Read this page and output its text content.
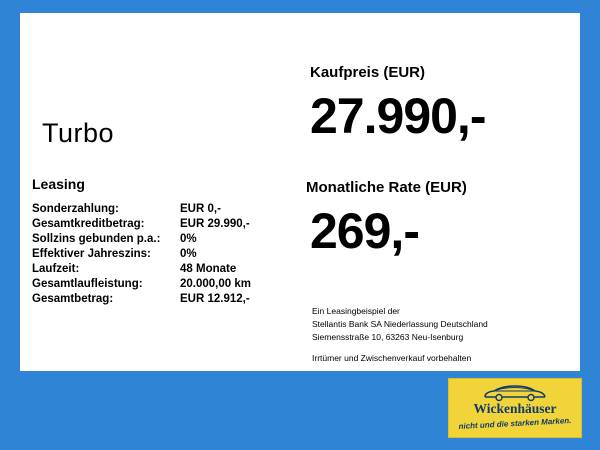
Turbo
Leasing
Sonderzahlung:	EUR 0,-
Gesamtkreditbetrag:	EUR 29.990,-
Sollzins gebunden p.a.:	0%
Effektiver Jahreszins:	0%
Laufzeit:	48 Monate
Gesamtlaufleistung:	20.000,00 km
Gesamtbetrag:	EUR 12.912,-
Kaufpreis (EUR)
27.990,-
Monatliche Rate (EUR)
269,-
Ein Leasingbeispiel der
Stellantis Bank SA Niederlassung Deutschland
Siemensstraße 10, 63263 Neu-Isenburg
Irrtümer und Zwischenverkauf vorbehalten
Wickenhäuser
nicht und die starken Marken.
